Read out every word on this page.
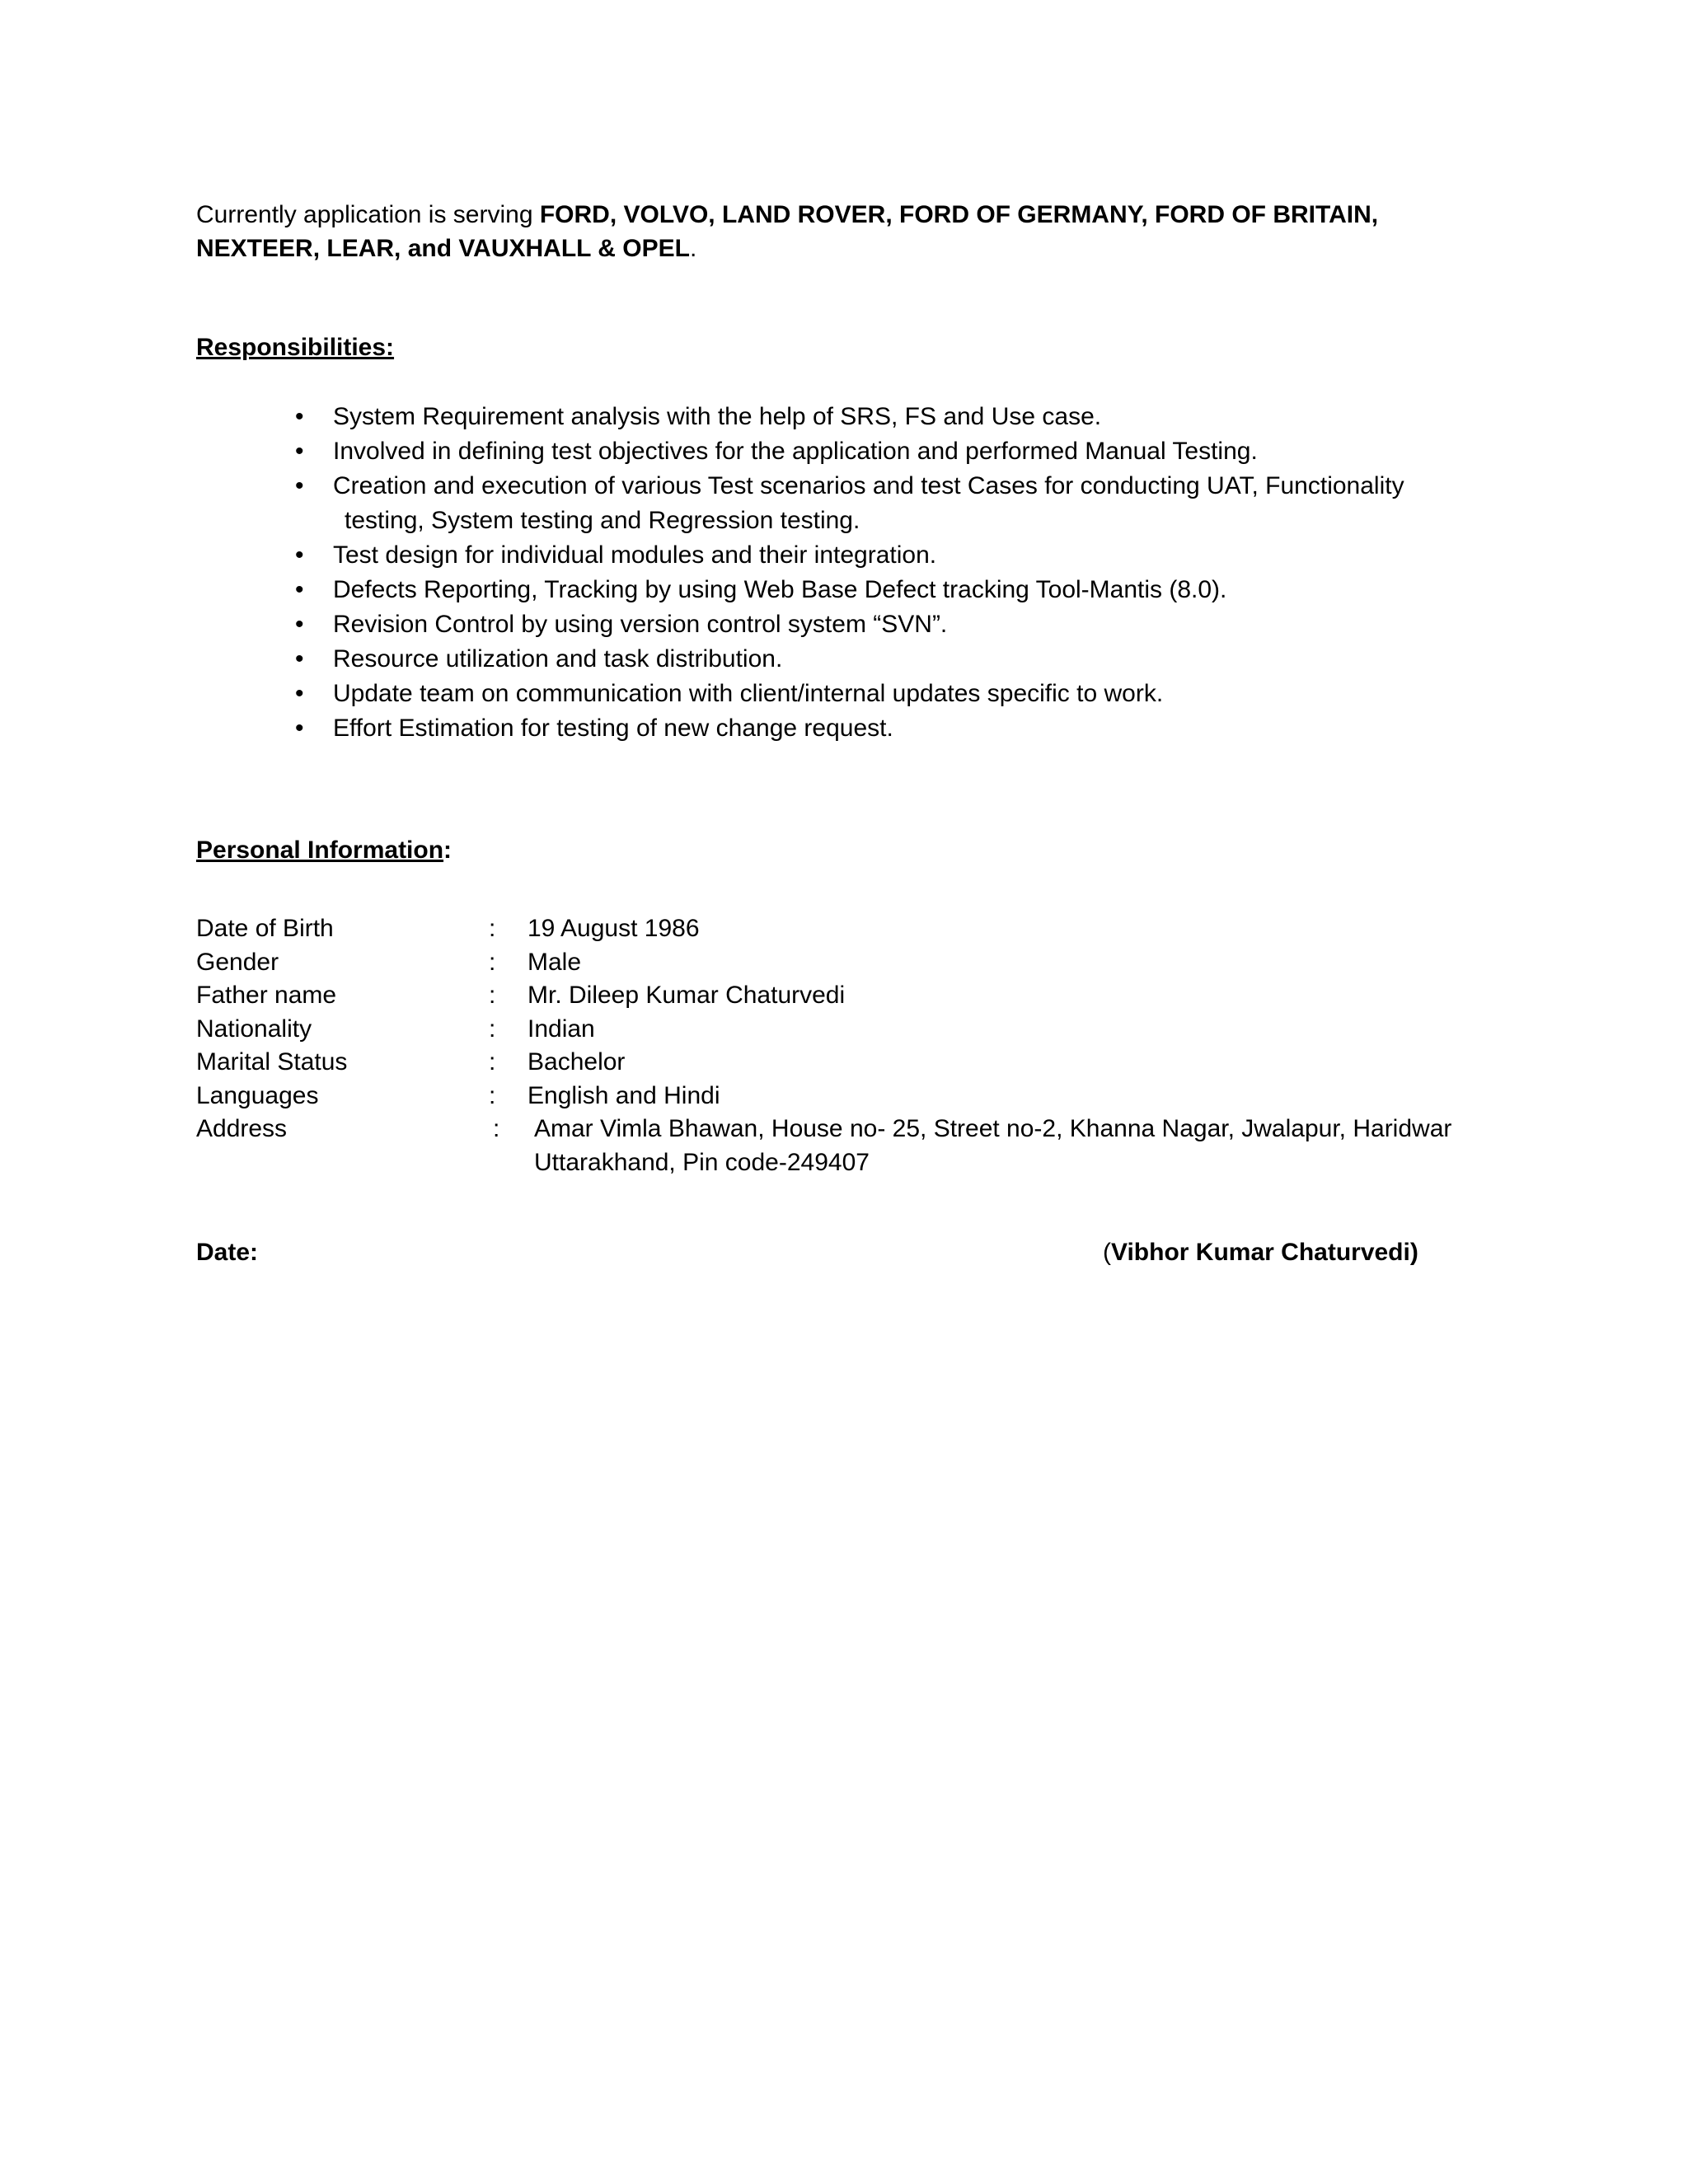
Currently application is serving FORD, VOLVO, LAND ROVER, FORD OF GERMANY, FORD OF BRITAIN,
NEXTEER, LEAR, and VAUXHALL & OPEL.

Responsibilities:

• System Requirement analysis with the help of SRS, FS and Use case.
• Involved in defining test objectives for the application and performed Manual Testing.
• Creation and execution of various Test scenarios and test Cases for conducting UAT, Functionality
testing, System testing and Regression testing.
• Test design for individual modules and their integration.
• Defects Reporting, Tracking by using Web Base Defect tracking Tool-Mantis (8.0).
• Revision Control by using version control system “SVN”.
• Resource utilization and task distribution.
• Update team on communication with client/internal updates specific to work.
• Effort Estimation for testing of new change request.

Personal Information:

Date of Birth	:	19 August 1986
Gender	:	Male
Father name	:	Mr. Dileep Kumar Chaturvedi
Nationality	:	Indian
Marital Status	:	Bachelor
Languages	:	English and Hindi
Address	:	Amar Vimla Bhawan, House no- 25, Street no-2, Khanna Nagar, Jwalapur, Haridwar
Uttarakhand, Pin code-249407

Date:	(Vibhor Kumar Chaturvedi)
